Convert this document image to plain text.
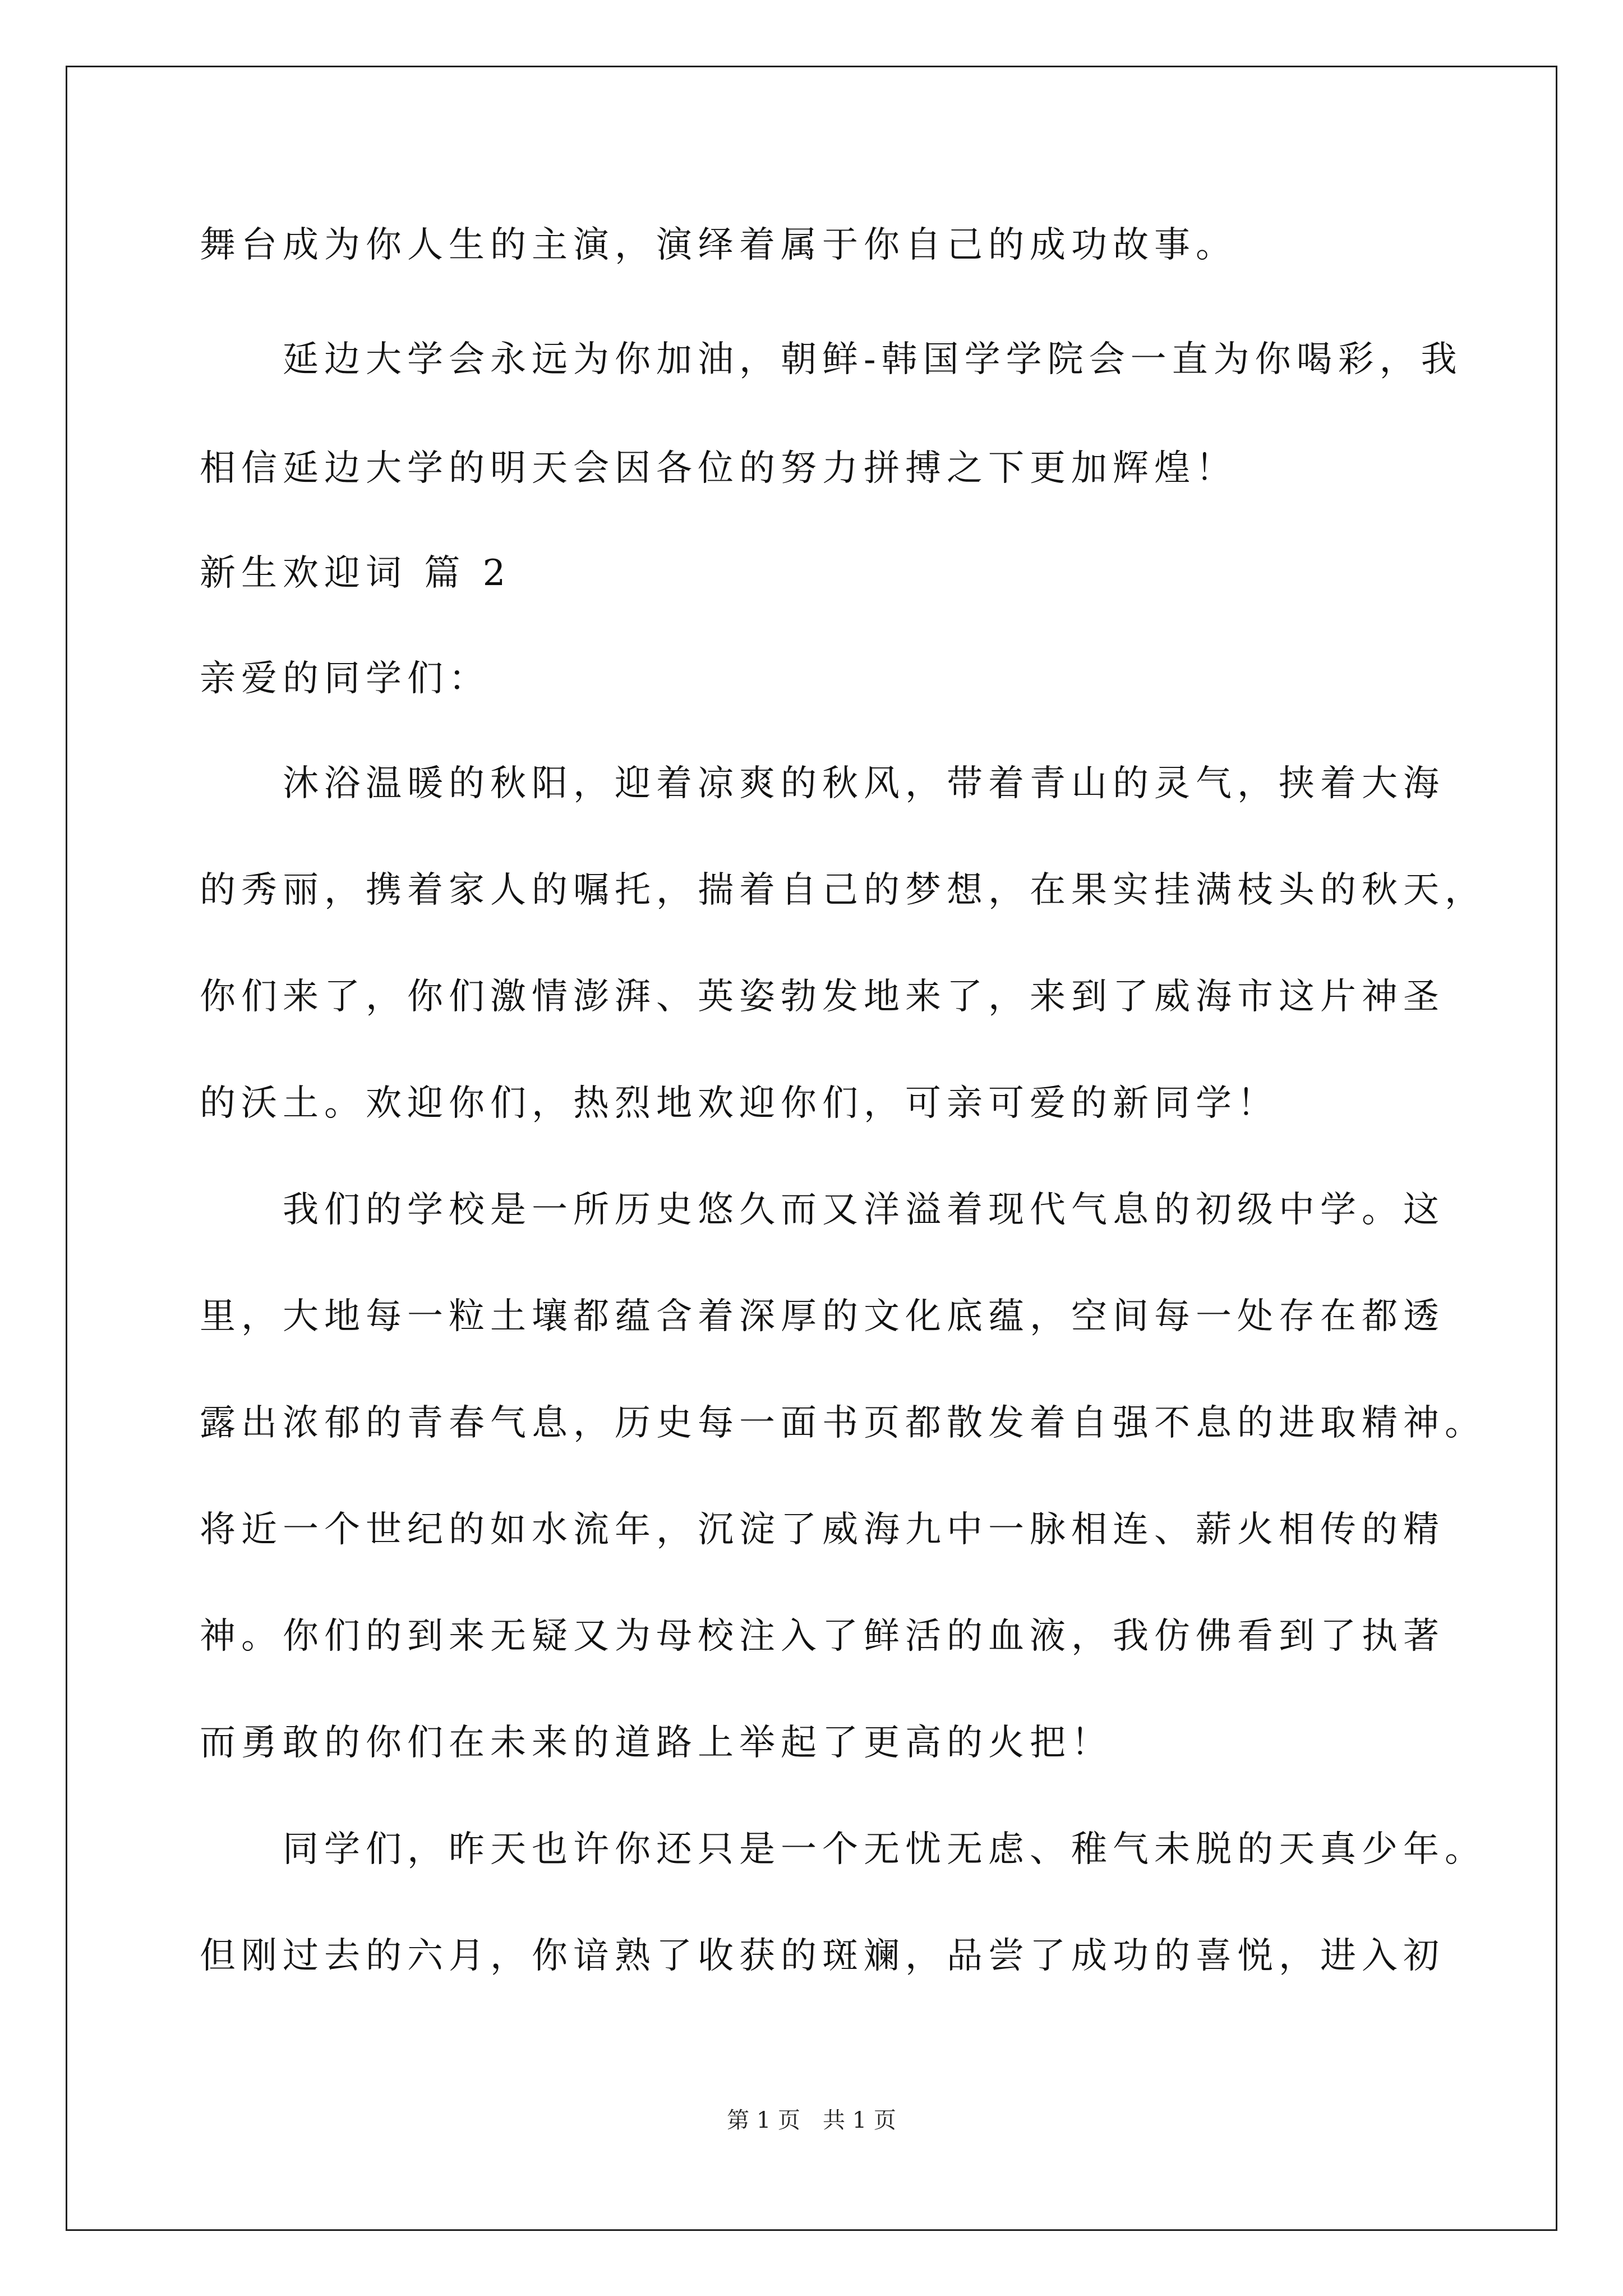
舞台成为你人生的主演，演绎着属于你自己的成功故事。
延边大学会永远为你加油，朝鲜-韩国学学院会一直为你喝彩，我
相信延边大学的明天会因各位的努力拼搏之下更加辉煌！
新生欢迎词 篇 2
亲爱的同学们：
沐浴温暖的秋阳，迎着凉爽的秋风，带着青山的灵气，挟着大海
的秀丽，携着家人的嘱托，揣着自己的梦想，在果实挂满枝头的秋天，
你们来了，你们激情澎湃、英姿勃发地来了，来到了威海市这片神圣
的沃土。欢迎你们，热烈地欢迎你们，可亲可爱的新同学！
我们的学校是一所历史悠久而又洋溢着现代气息的初级中学。这
里，大地每一粒土壤都蕴含着深厚的文化底蕴，空间每一处存在都透
露出浓郁的青春气息，历史每一面书页都散发着自强不息的进取精神。
将近一个世纪的如水流年，沉淀了威海九中一脉相连、薪火相传的精
神。你们的到来无疑又为母校注入了鲜活的血液，我仿佛看到了执著
而勇敢的你们在未来的道路上举起了更高的火把！
同学们，昨天也许你还只是一个无忧无虑、稚气未脱的天真少年。
但刚过去的六月，你谙熟了收获的斑斓，品尝了成功的喜悦，进入初
第 1 页　共 1 页
